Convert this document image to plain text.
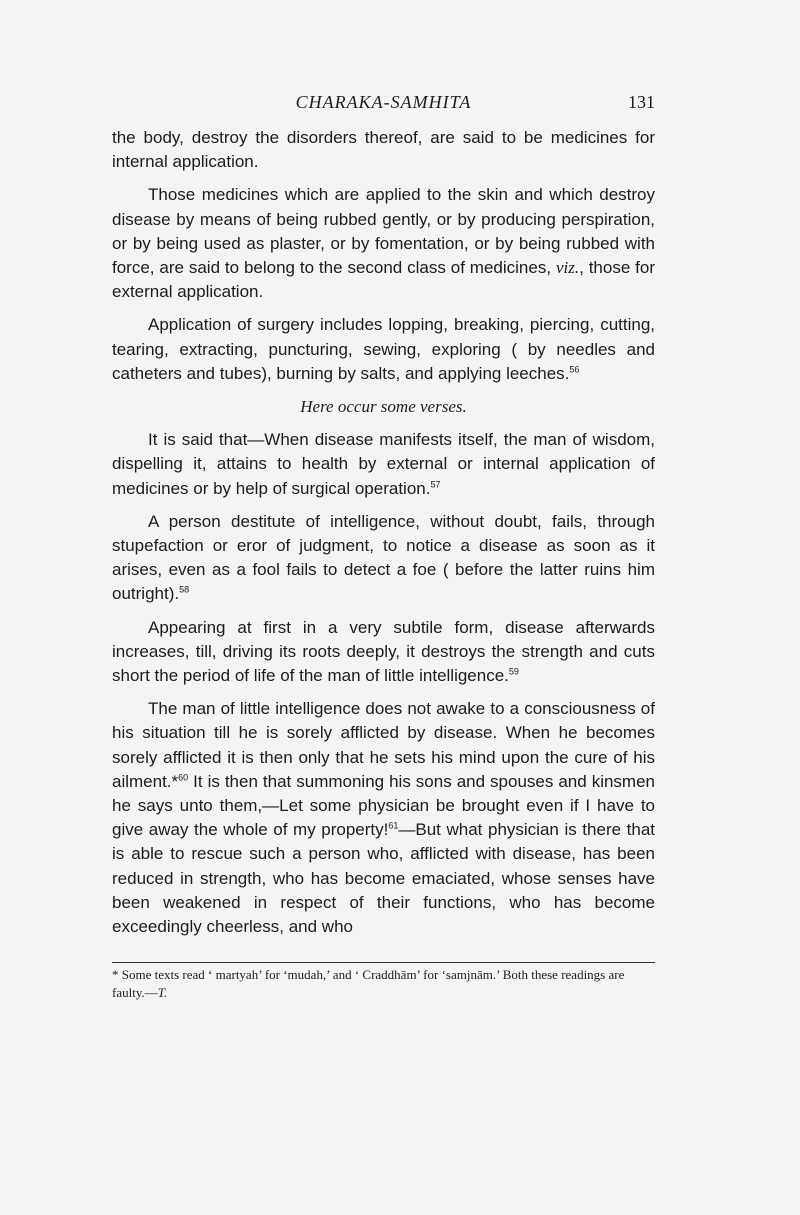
CHARAKA-SAMHITA	131

the body, destroy the disorders thereof, are said to be medicines for internal application.

Those medicines which are applied to the skin and which destroy disease by means of being rubbed gently, or by producing perspiration, or by being used as plaster, or by fomentation, or by being rubbed with force, are said to belong to the second class of medicines, viz., those for external application.

Application of surgery includes lopping, breaking, piercing, cutting, tearing, extracting, puncturing, sewing, exploring ( by needles and catheters and tubes), burning by salts, and applying leeches.$^{56}$

Here occur some verses.

It is said that—When disease manifests itself, the man of wisdom, dispelling it, attains to health by external or internal application of medicines or by help of surgical operation.$^{57}$

A person destitute of intelligence, without doubt, fails, through stupefaction or eror of judgment, to notice a disease as soon as it arises, even as a fool fails to detect a foe ( before the latter ruins him outright).$^{58}$

Appearing at first in a very subtile form, disease afterwards increases, till, driving its roots deeply, it destroys the strength and cuts short the period of life of the man of little intelligence.$^{59}$

The man of little intelligence does not awake to a consciousness of his situation till he is sorely afflicted by disease. When he becomes sorely afflicted it is then only that he sets his mind upon the cure of his ailment.*$^{60}$ It is then that summoning his sons and spouses and kinsmen he says unto them,—Let some physician be brought even if I have to give away the whole of my property!$^{61}$—But what physician is there that is able to rescue such a person who, afflicted with disease, has been reduced in strength, who has become emaciated, whose senses have been weakened in respect of their functions, who has become exceedingly cheerless, and who

* Some texts read ‘ martyah’ for ‘mudah,’ and ‘ Craddhām’ for ‘samjnām.’ Both these readings are faulty.—T.
